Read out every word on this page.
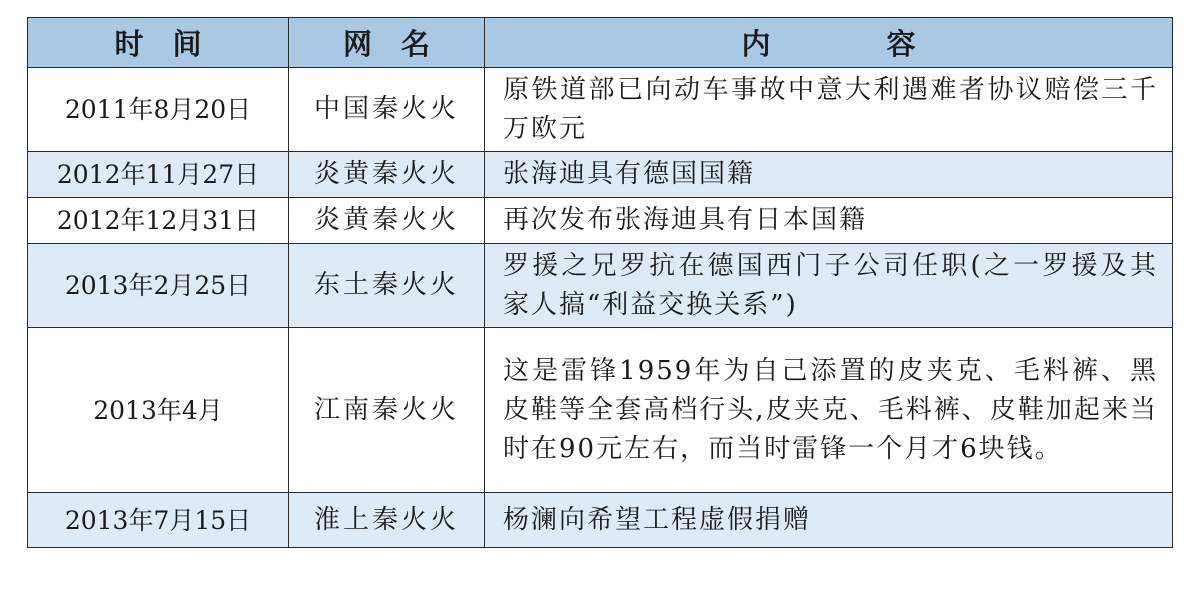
时　间	网　名	内　　　　容
2011年8月20日	中国秦火火	原铁道部已向动车事故中意大利遇难者协议赔偿三千万欧元
2012年11月27日	炎黄秦火火	张海迪具有德国国籍
2012年12月31日	炎黄秦火火	再次发布张海迪具有日本国籍
2013年2月25日	东土秦火火	罗援之兄罗抗在德国西门子公司任职(之一罗援及其家人搞“利益交换关系”)
2013年4月	江南秦火火	这是雷锋1959年为自己添置的皮夹克、毛料裤、黑皮鞋等全套高档行头,皮夹克、毛料裤、皮鞋加起来当时在90元左右，而当时雷锋一个月才6块钱。
2013年7月15日	淮上秦火火	杨澜向希望工程虚假捐赠
